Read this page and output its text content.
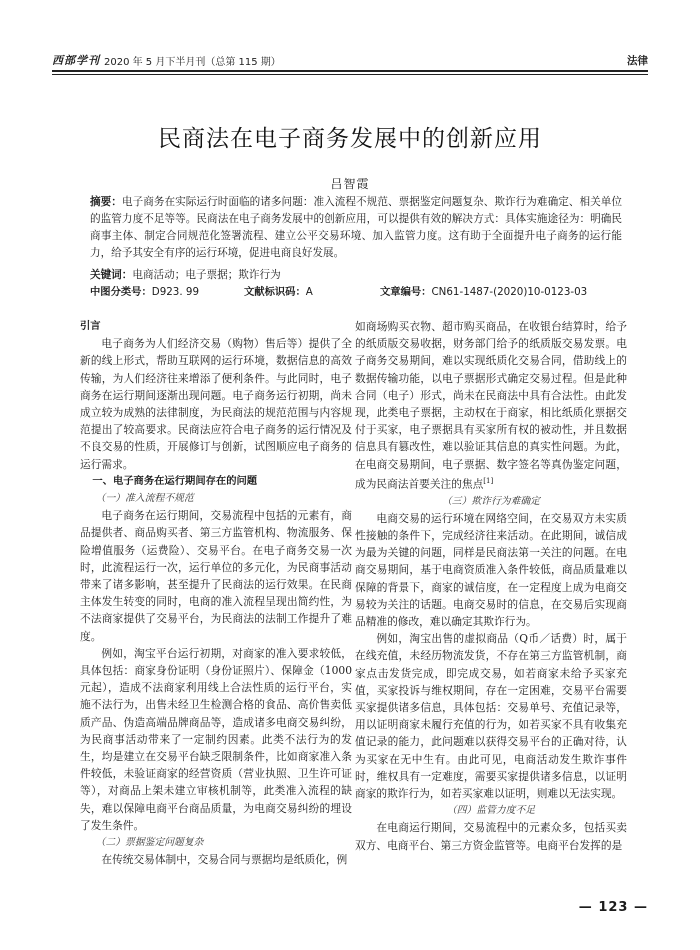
西部学刊 2020 年 5 月下半月刊（总第 115 期）	法律
民商法在电子商务发展中的创新应用
吕智霞
摘要：电子商务在实际运行时面临的诸多问题：准入流程不规范、票据鉴定问题复杂、欺诈行为难确定、相关单位的监管力度不足等等。民商法在电子商务发展中的创新应用，可以提供有效的解决方式：具体实施途径为：明确民商事主体、制定合同规范化签署流程、建立公平交易环境、加入监管力度。这有助于全面提升电子商务的运行能力，给予其安全有序的运行环境，促进电商良好发展。
关键词：电商活动；电子票据；欺诈行为
中图分类号：D923. 99	文献标识码：A	文章编号：CN61-1487-(2020)10-0123-03
引言

电子商务为人们经济交易（购物）售后等）提供了全新的线上形式，帮助互联网的运行环境，数据信息的高效传输，为人们经济往来增添了便利条件。与此同时，电子商务在运行期间逐渐出现问题。电子商务运行初期，尚未成立较为成熟的法律制度，为民商法的规范范围与内容规范提出了较高要求。民商法应符合电子商务的运行情况及不良交易的性质，开展修订与创新，试图顺应电子商务的运行需求。

一、电子商务在运行期间存在的问题
（一）准入流程不规范

电子商务在运行期间，交易流程中包括的元素有，商品提供者、商品购买者、第三方监管机构、物流服务、保险增值服务（运费险）、交易平台。在电子商务交易一次时，此流程运行一次，运行单位的多元化，为民商事活动带来了诸多影响，甚至提升了民商法的运行效果。在民商主体发生转变的同时，电商的准入流程呈现出简约性，为不法商家提供了交易平台，为民商法的法制工作提升了难度。

例如，淘宝平台运行初期，对商家的准入要求较低，具体包括：商家身份证明（身份证照片）、保障金（1000元起），造成不法商家利用线上合法性质的运行平台，实施不法行为，出售未经卫生检测合格的食品、高价售卖低质产品、伪造高端品牌商品等，造成诸多电商交易纠纷，为民商事活动带来了一定制约因素。此类不法行为的发生，均是建立在交易平台缺乏限制条件，比如商家准入条件较低，未验证商家的经营资质（营业执照、卫生许可证等），对商品上架未建立审核机制等，此类准入流程的缺失，难以保障电商平台商品质量，为电商交易纠纷的埋设了发生条件。

（二）票据鉴定问题复杂

在传统交易体制中，交易合同与票据均是纸质化，例

如商场购买衣物、超市购买商品，在收银台结算时，给予的纸质版交易收据，财务部门给予的纸质版交易发票。电子商务交易期间，难以实现纸质化交易合同，借助线上的数据传输功能，以电子票据形式确定交易过程。但是此种合同（电子）形式，尚未在民商法中具有合法性。由此发现，此类电子票据，主动权在于商家，相比纸质化票据交付于买家，电子票据具有买家所有权的被动性，并且数据信息具有篡改性，难以验证其信息的真实性问题。为此，在电商交易期间，电子票据、数字签名等真伪鉴定问题，成为民商法首要关注的焦点[1]

（三）欺诈行为难确定

电商交易的运行环境在网络空间，在交易双方未实质性接触的条件下，完成经济往来活动。在此期间，诚信成为最为关键的问题，同样是民商法第一关注的问题。在电商交易期间，基于电商资质准入条件较低，商品质量难以保障的背景下，商家的诚信度，在一定程度上成为电商交易较为关注的话题。电商交易时的信息，在交易后实现商品精准的修改，难以确定其欺诈行为。

例如，淘宝出售的虚拟商品（Q币／话费）时，属于在线充值，未经历物流发货，不存在第三方监管机制，商家点击发货完成，即完成交易，如若商家未给予买家充值，买家投诉与维权期间，存在一定困难，交易平台需要买家提供诸多信息，具体包括：交易单号、充值记录等，用以证明商家未履行充值的行为，如若买家不具有收集充值记录的能力，此问题难以获得交易平台的正确对待，认为买家在无中生有。由此可见，电商活动发生欺诈事件时，维权具有一定难度，需要买家提供诸多信息，以证明商家的欺诈行为，如若买家难以证明，则难以无法实现。

（四）监管力度不足

在电商运行期间，交易流程中的元素众多，包括买卖双方、电商平台、第三方资金监管等。电商平台发挥的是

— 123 —
